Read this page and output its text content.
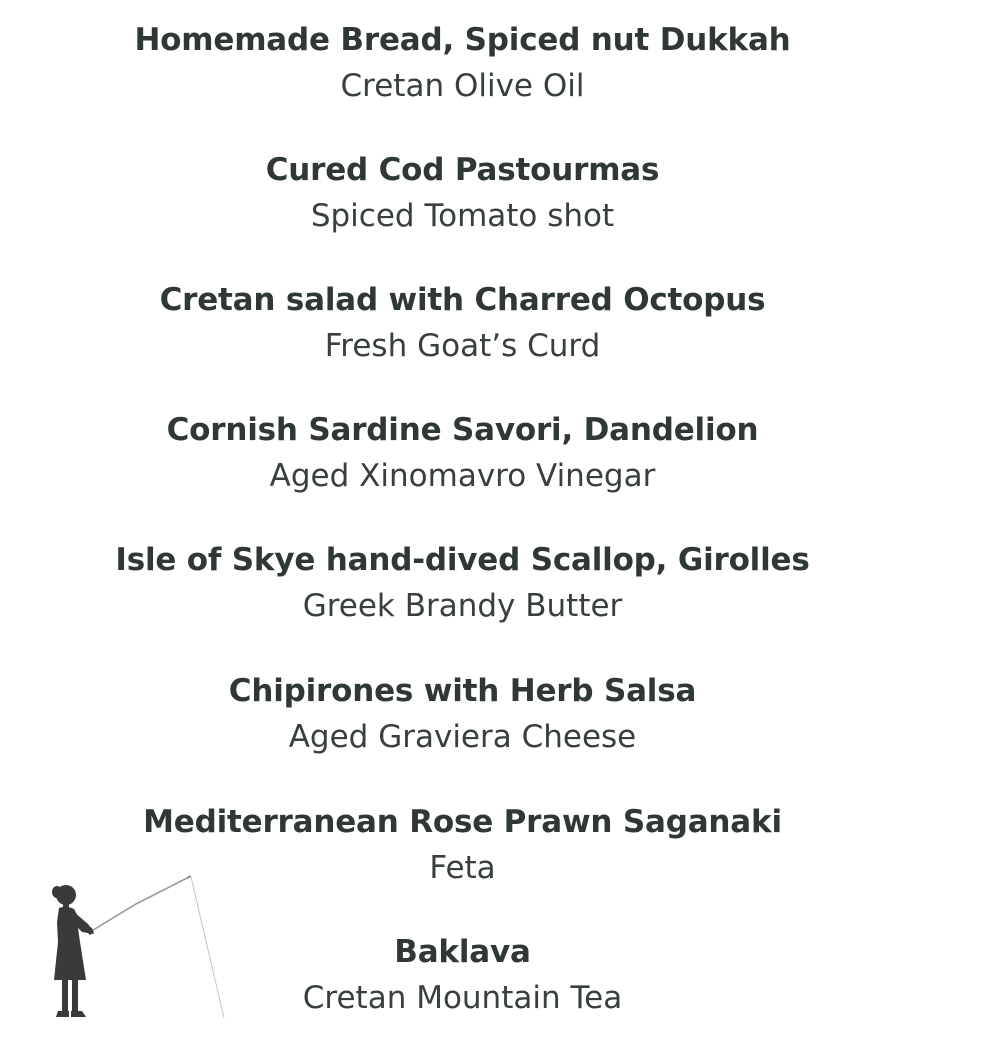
Homemade Bread, Spiced nut Dukkah
Cretan Olive Oil
Cured Cod Pastourmas
Spiced Tomato shot
Cretan salad with Charred Octopus
Fresh Goat’s Curd
Cornish Sardine Savori, Dandelion
Aged Xinomavro Vinegar
Isle of Skye hand-dived Scallop, Girolles
Greek Brandy Butter
Chipirones with Herb Salsa
Aged Graviera Cheese
Mediterranean Rose Prawn Saganaki
Feta
Baklava
Cretan Mountain Tea
